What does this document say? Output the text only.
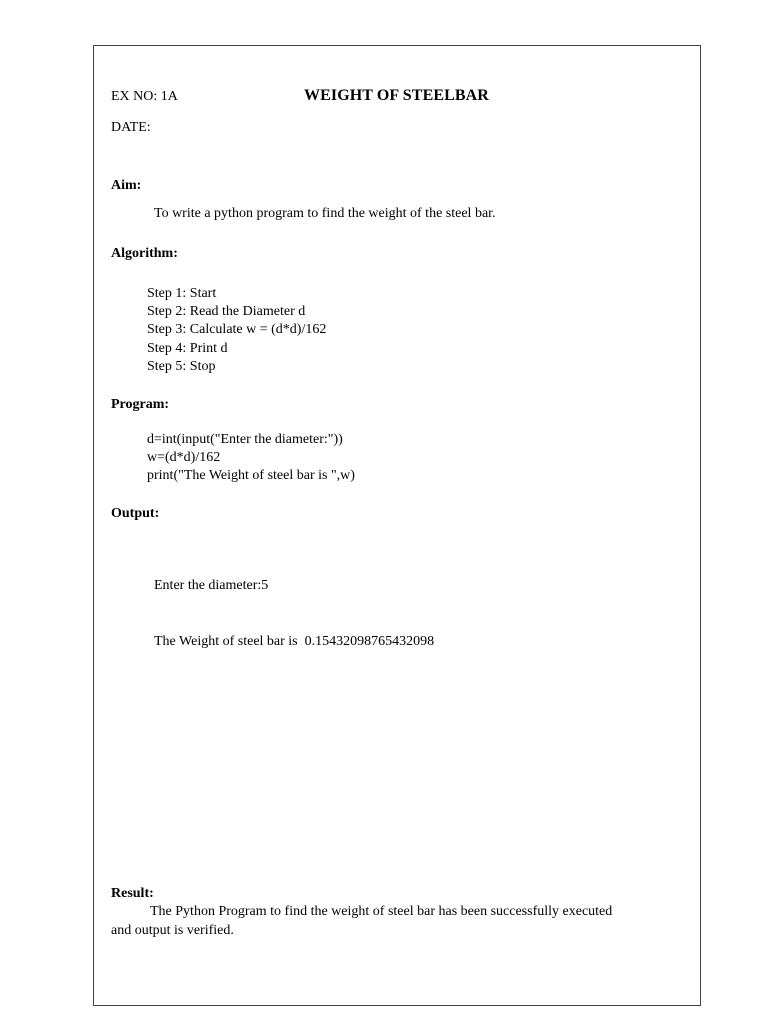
EX NO: 1A	WEIGHT OF STEELBAR
DATE:
Aim:
To write a python program to find the weight of the steel bar.
Algorithm:
Step 1: Start
Step 2: Read the Diameter d
Step 3: Calculate w = (d*d)/162
Step 4: Print d
Step 5: Stop
Program:
d=int(input("Enter the diameter:"))
w=(d*d)/162
print("The Weight of steel bar is ",w)
Output:

Enter the diameter:5

The Weight of steel bar is  0.15432098765432098

Result:
The Python Program to find the weight of steel bar has been successfully executed and output is verified.
